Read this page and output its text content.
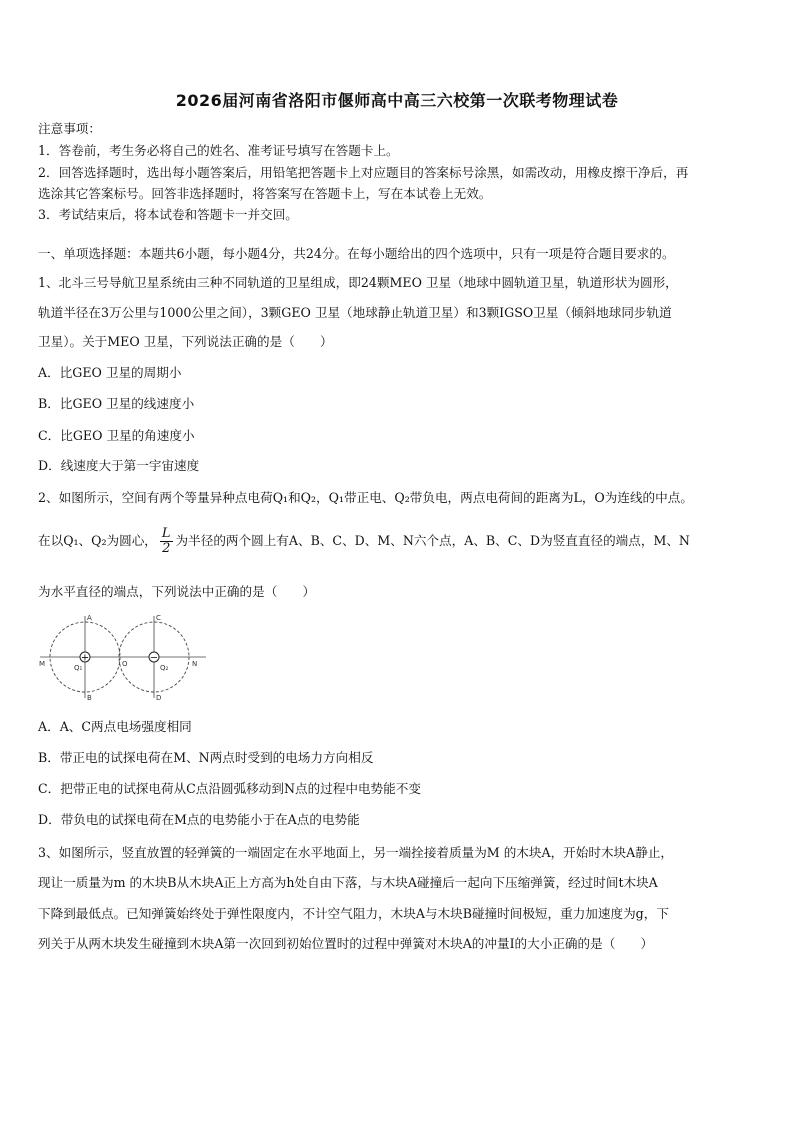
2026届河南省洛阳市偃师高中高三六校第一次联考物理试卷
注意事项：
1．答卷前，考生务必将自己的姓名、准考证号填写在答题卡上。
2．回答选择题时，选出每小题答案后，用铅笔把答题卡上对应题目的答案标号涂黑，如需改动，用橡皮擦干净后，再
选涂其它答案标号。回答非选择题时，将答案写在答题卡上，写在本试卷上无效。
3．考试结束后，将本试卷和答题卡一并交回。
一、单项选择题：本题共6小题，每小题4分，共24分。在每小题给出的四个选项中，只有一项是符合题目要求的。
1、北斗三号导航卫星系统由三种不同轨道的卫星组成，即24颗MEO 卫星（地球中圆轨道卫星，轨道形状为圆形，
轨道半径在3万公里与1000公里之间），3颗GEO 卫星（地球静止轨道卫星）和3颗IGSO卫星（倾斜地球同步轨道
卫星）。关于MEO 卫星，下列说法正确的是（　　）
A．比GEO 卫星的周期小
B．比GEO 卫星的线速度小
C．比GEO 卫星的角速度小
D．线速度大于第一宇宙速度
2、如图所示，空间有两个等量异种点电荷Q₁和Q₂，Q₁带正电、Q₂带负电，两点电荷间的距离为L，O为连线的中点。
在以Q₁、Q₂为圆心， $\frac{L}{2}$ 为半径的两个圆上有A、B、C、D、M、N六个点，A、B、C、D为竖直直径的端点，M、N
为水平直径的端点，下列说法中正确的是（　　）
+	−
A
B
C
D
M	N
O
Q₁	Q₂
A．A、C两点电场强度相同
B．带正电的试探电荷在M、N两点时受到的电场力方向相反
C．把带正电的试探电荷从C点沿圆弧移动到N点的过程中电势能不变
D．带负电的试探电荷在M点的电势能小于在A点的电势能
3、如图所示，竖直放置的轻弹簧的一端固定在水平地面上，另一端拴接着质量为M 的木块A，开始时木块A静止，
现让一质量为m 的木块B从木块A正上方高为h处自由下落，与木块A碰撞后一起向下压缩弹簧，经过时间t木块A
下降到最低点。已知弹簧始终处于弹性限度内，不计空气阻力，木块A与木块B碰撞时间极短，重力加速度为g，下
列关于从两木块发生碰撞到木块A第一次回到初始位置时的过程中弹簧对木块A的冲量I的大小正确的是（　　）
